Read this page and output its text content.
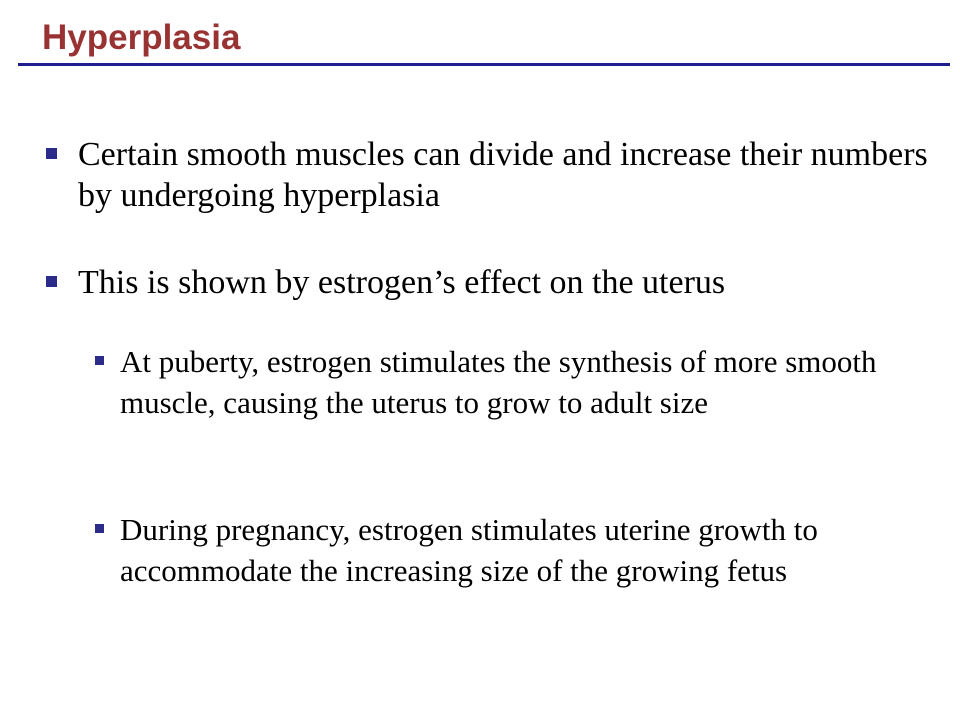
Hyperplasia
Certain smooth muscles can divide and increase their numbers by undergoing hyperplasia
This is shown by estrogen’s effect on the uterus
At puberty, estrogen stimulates the synthesis of more smooth muscle, causing the uterus to grow to adult size
During pregnancy, estrogen stimulates uterine growth to accommodate the increasing size of the growing fetus
